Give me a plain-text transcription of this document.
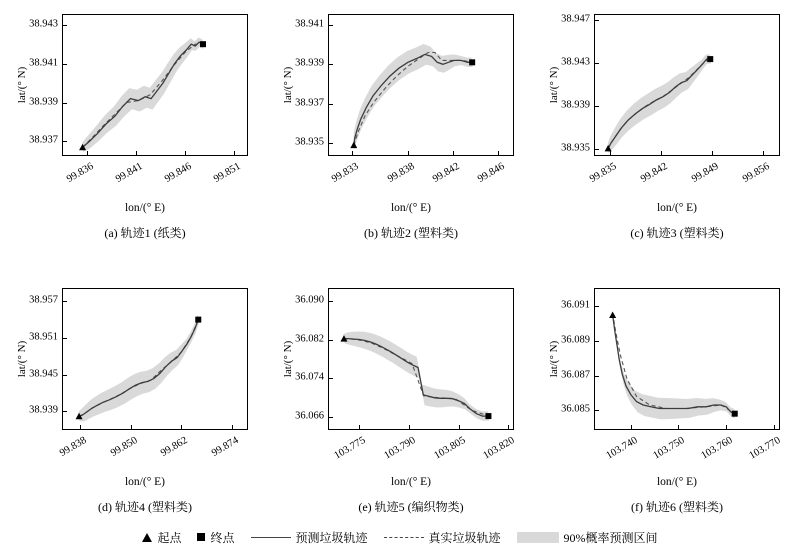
lat/(° N)
38.937
38.939
38.941
38.943
99.836	99.841	99.846	99.851
lon/(° E)
(a) 轨迹1 (纸类)
lat/(° N)
38.935
38.937
38.939
38.941
99.833	99.838	99.842	99.846
lon/(° E)
(b) 轨迹2 (塑料类)
lat/(° N)
38.935
38.939
38.943
38.947
99.835	99.842	99.849	99.856
lon/(° E)
(c) 轨迹3 (塑料类)
lat/(° N)
38.939
38.945
38.951
38.957
99.838	99.850	99.862	99.874
lon/(° E)
(d) 轨迹4 (塑料类)
lat/(° N)
36.066
36.074
36.082
36.090
103.775	103.790	103.805	103.820
lon/(° E)
(e) 轨迹5 (编织物类)
lat/(° N)
36.085
36.087
36.089
36.091
103.740	103.750	103.760	103.770
lon/(° E)
(f) 轨迹6 (塑料类)
起点 终点	预测垃圾轨迹	真实垃圾轨迹	90%概率预测区间
